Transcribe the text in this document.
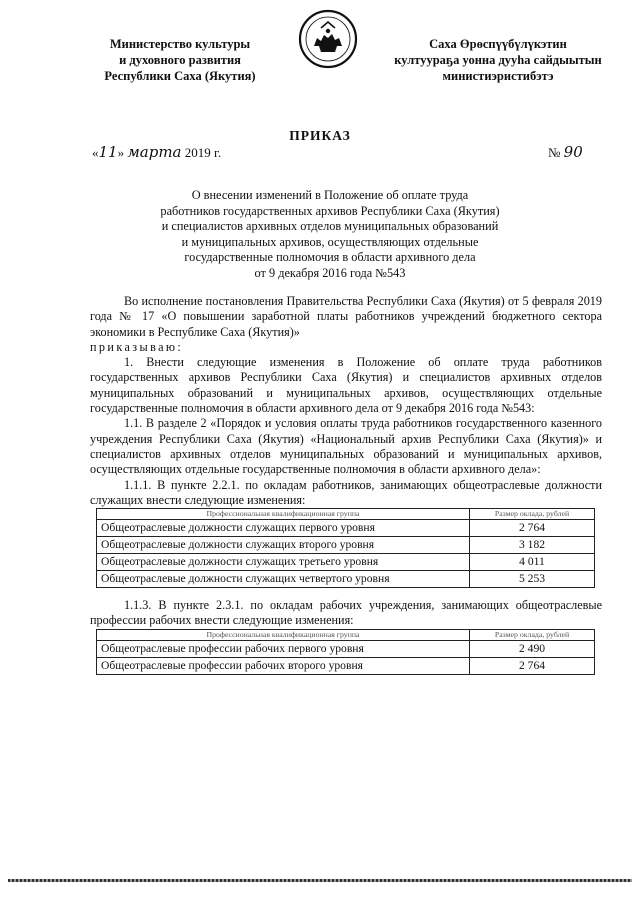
Министерство культуры
и духовного развития
Республики Саха (Якутия)
Саха Өрөспүүбүлүкэтин
култуураҕа уонна дууһа сайдыытын
министиэристибэтэ
ПРИКАЗ
«11» марта 2019 г.	№ 90
О внесении изменений в Положение об оплате труда
работников государственных архивов Республики Саха (Якутия)
и специалистов архивных отделов муниципальных образований
и муниципальных архивов, осуществляющих отдельные
государственные полномочия в области архивного дела
от 9 декабря 2016 года №543

Во исполнение постановления Правительства Республики Саха (Якутия) от 5 февраля 2019 года № 17 «О повышении заработной платы работников учреждений бюджетного сектора экономики в Республике Саха (Якутия)»

приказываю:

1. Внести следующие изменения в Положение об оплате труда работников государственных архивов Республики Саха (Якутия) и специалистов архивных отделов муниципальных образований и муниципальных архивов, осуществляющих отдельные государственные полномочия в области архивного дела от 9 декабря 2016 года №543:

1.1. В разделе 2 «Порядок и условия оплаты труда работников государственного казенного учреждения Республики Саха (Якутия) «Национальный архив Республики Саха (Якутия)» и специалистов архивных отделов муниципальных образований и муниципальных архивов, осуществляющих отдельные государственные полномочия в области архивного дела»:

1.1.1. В пункте 2.2.1. по окладам работников, занимающих общеотраслевые должности служащих внести следующие изменения:

Профессиональная квалификационная группа	Размер оклада, рублей
Общеотраслевые должности служащих первого уровня	2 764
Общеотраслевые должности служащих второго уровня	3 182
Общеотраслевые должности служащих третьего уровня	4 011
Общеотраслевые должности служащих четвертого уровня	5 253

1.1.3. В пункте 2.3.1. по окладам рабочих учреждения, занимающих общеотраслевые профессии рабочих внести следующие изменения:

Профессиональная квалификационная группа	Размер оклада, рублей
Общеотраслевые профессии рабочих первого уровня	2 490
Общеотраслевые профессии рабочих второго уровня	2 764
